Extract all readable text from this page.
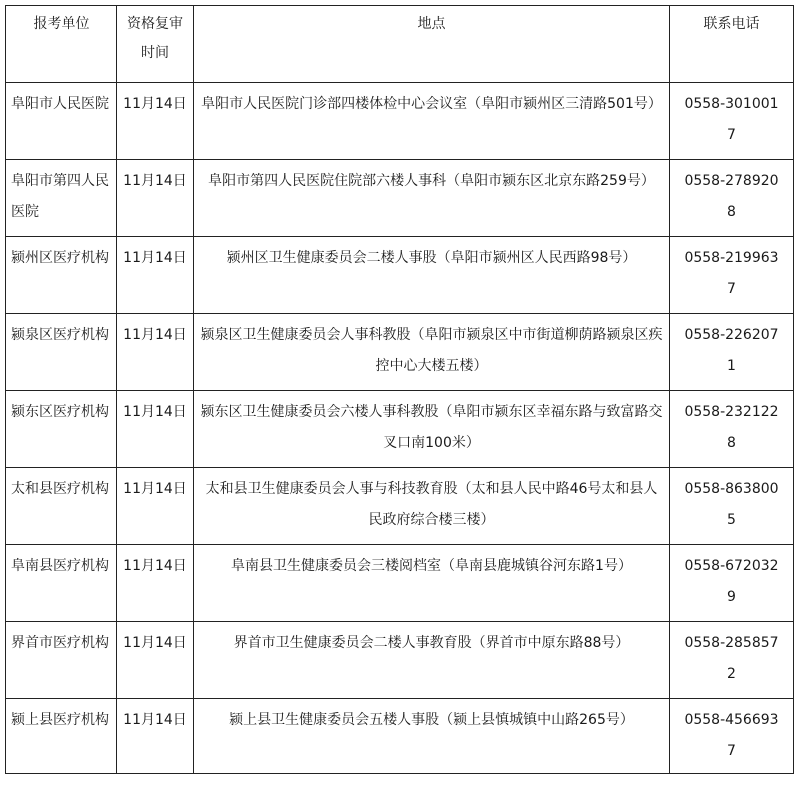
报考单位	资格复审时间	地点	联系电话
阜阳市人民医院	11月14日	阜阳市人民医院门诊部四楼体检中心会议室（阜阳市颍州区三清路501号）	0558-3010017
阜阳市第四人民医院	11月14日	阜阳市第四人民医院住院部六楼人事科（阜阳市颍东区北京东路259号）	0558-2789208
颍州区医疗机构	11月14日	颍州区卫生健康委员会二楼人事股（阜阳市颍州区人民西路98号）	0558-2199637
颍泉区医疗机构	11月14日	颍泉区卫生健康委员会人事科教股（阜阳市颍泉区中市街道柳荫路颍泉区疾控中心大楼五楼）	0558-2262071
颍东区医疗机构	11月14日	颍东区卫生健康委员会六楼人事科教股（阜阳市颍东区幸福东路与致富路交叉口南100米）	0558-2321228
太和县医疗机构	11月14日	太和县卫生健康委员会人事与科技教育股（太和县人民中路46号太和县人民政府综合楼三楼）	0558-8638005
阜南县医疗机构	11月14日	阜南县卫生健康委员会三楼阅档室（阜南县鹿城镇谷河东路1号）	0558-6720329
界首市医疗机构	11月14日	界首市卫生健康委员会二楼人事教育股（界首市中原东路88号）	0558-2858572
颍上县医疗机构	11月14日	颍上县卫生健康委员会五楼人事股（颍上县慎城镇中山路265号）	0558-4566937
